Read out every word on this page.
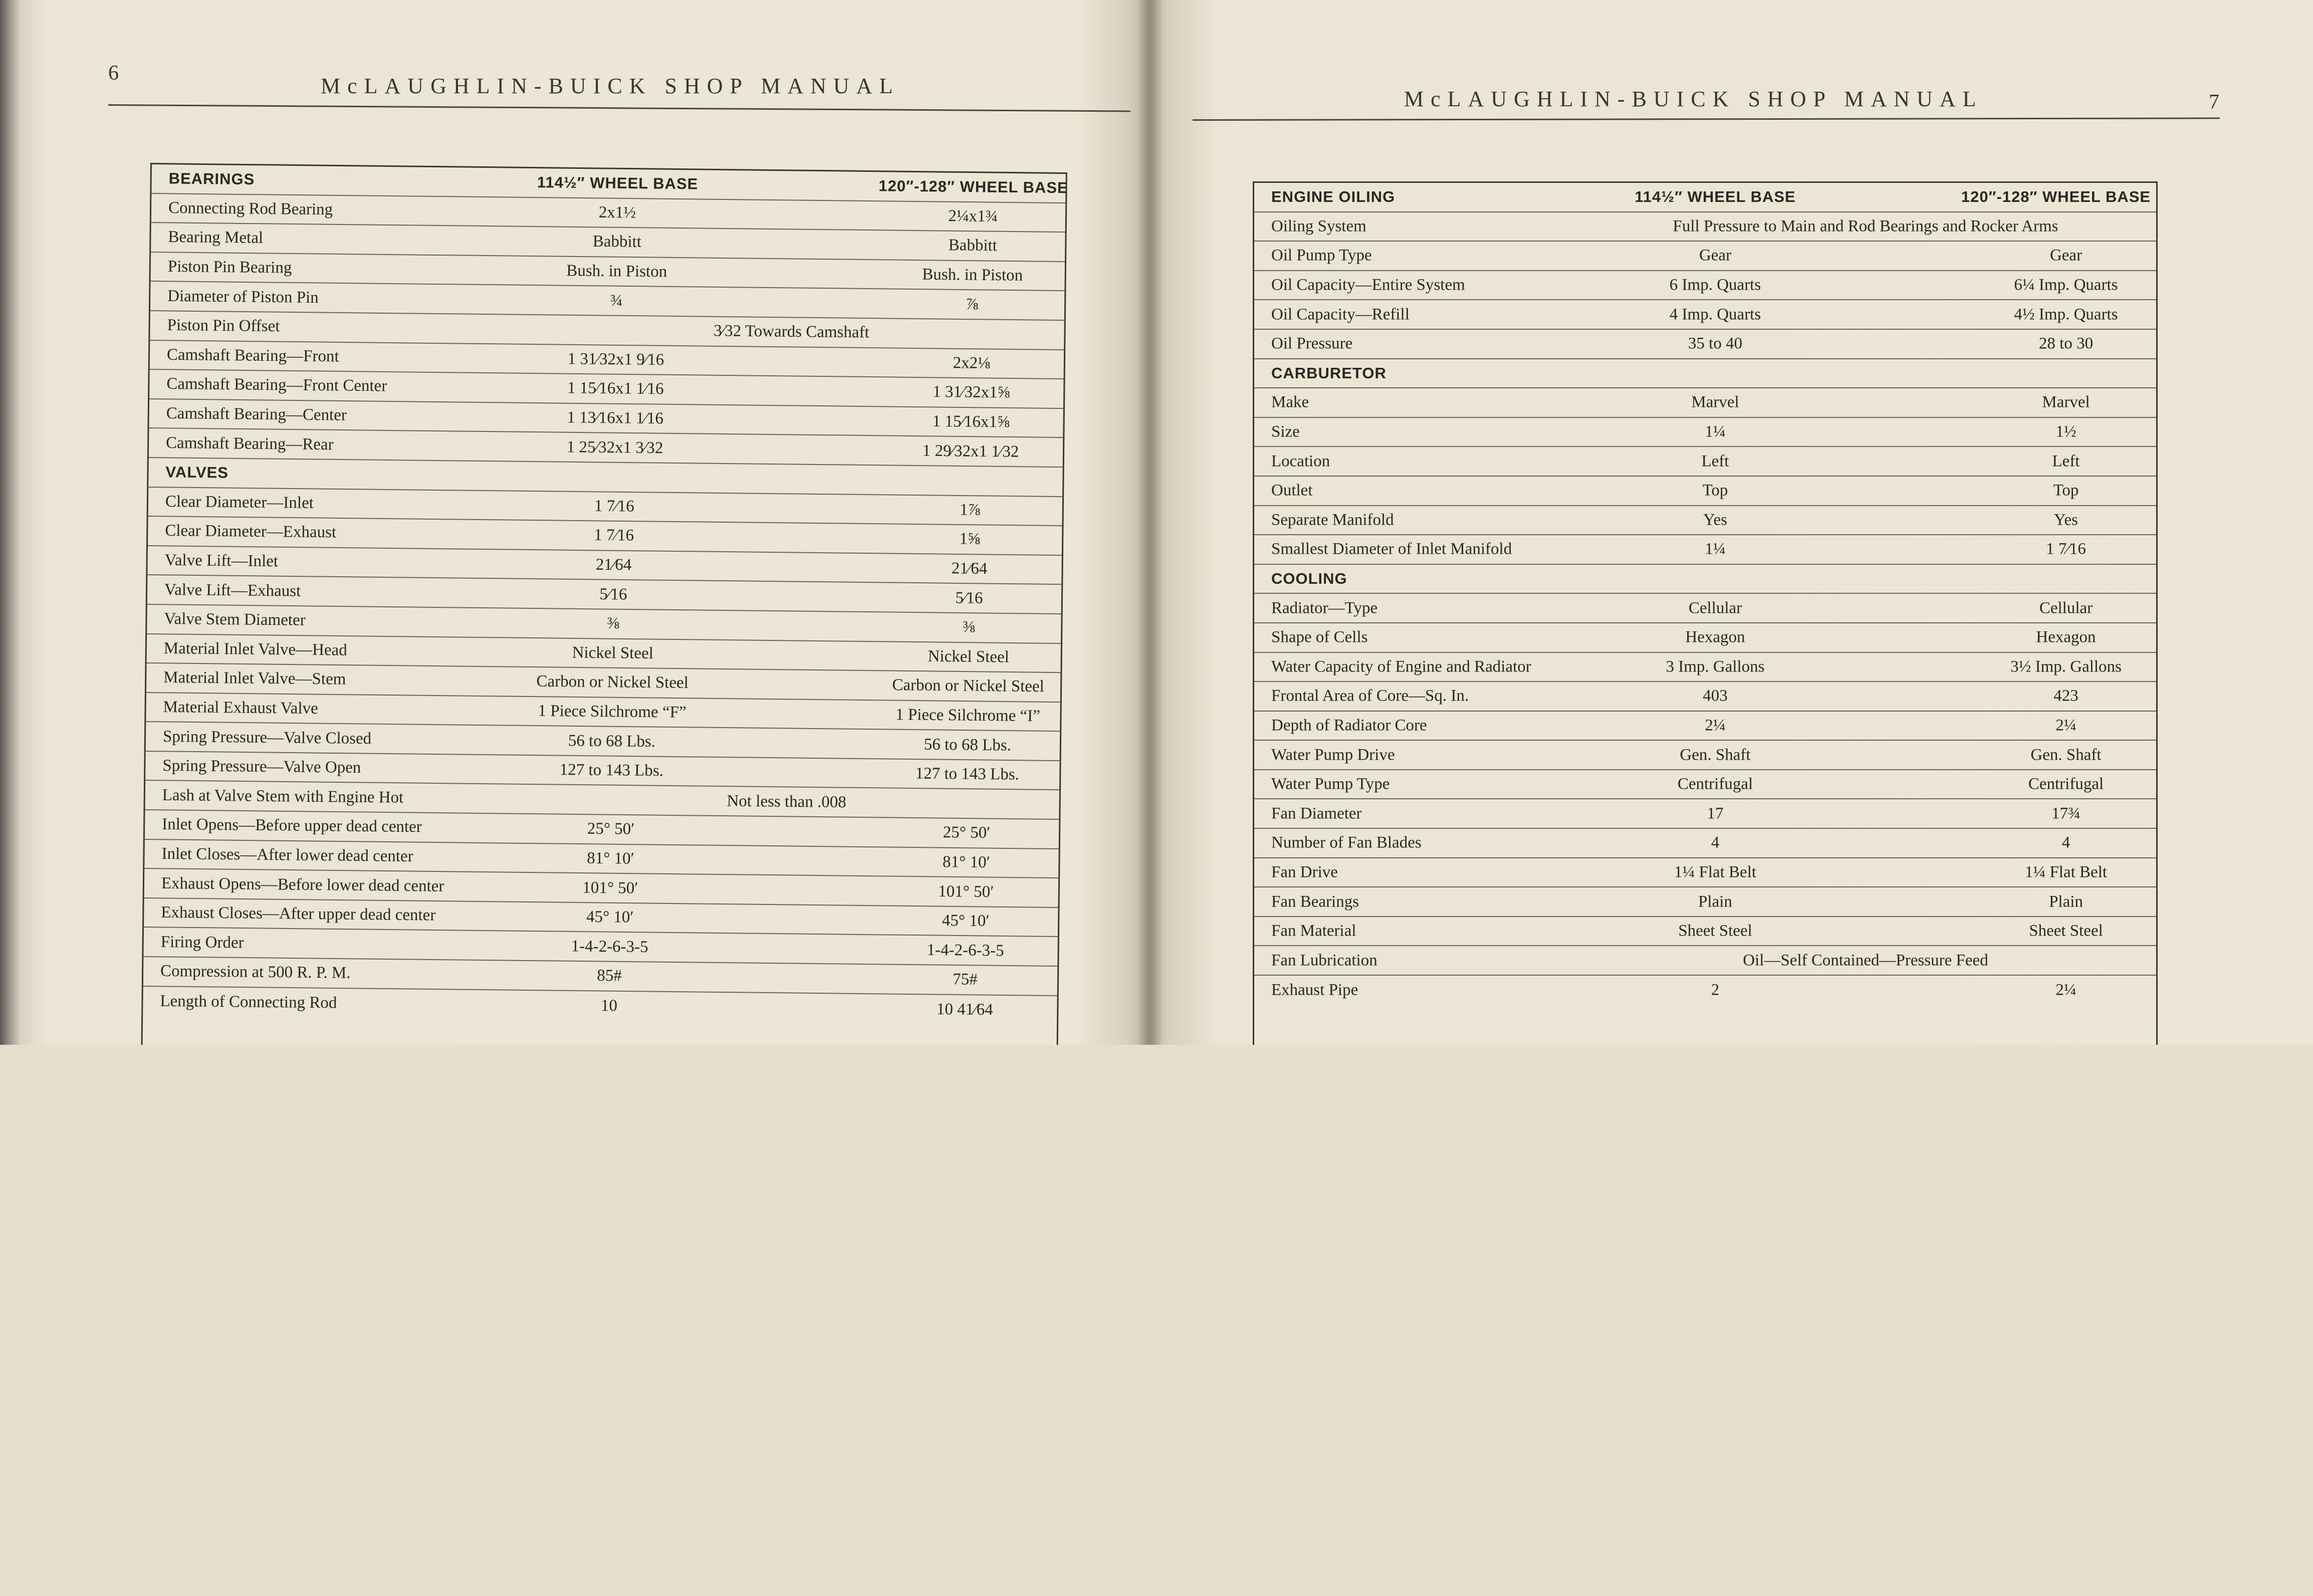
6
McLAUGHLIN-BUICK SHOP MANUAL
BEARINGS	114½″ WHEEL BASE	120″-128″ WHEEL BASE
Connecting Rod Bearing	2x1½	2¼x1¾
Bearing Metal	Babbitt	Babbitt
Piston Pin Bearing	Bush. in Piston	Bush. in Piston
Diameter of Piston Pin	¾	⅞
Piston Pin Offset	3⁄32 Towards Camshaft
Camshaft Bearing—Front	1 31⁄32x1 9⁄16	2x2⅛
Camshaft Bearing—Front Center	1 15⁄16x1 1⁄16	1 31⁄32x1⅝
Camshaft Bearing—Center	1 13⁄16x1 1⁄16	1 15⁄16x1⅝
Camshaft Bearing—Rear	1 25⁄32x1 3⁄32	1 29⁄32x1 1⁄32
VALVES
Clear Diameter—Inlet	1 7⁄16	1⅞
Clear Diameter—Exhaust	1 7⁄16	1⅝
Valve Lift—Inlet	21⁄64	21⁄64
Valve Lift—Exhaust	5⁄16	5⁄16
Valve Stem Diameter	⅜	⅜
Material Inlet Valve—Head	Nickel Steel	Nickel Steel
Material Inlet Valve—Stem	Carbon or Nickel Steel	Carbon or Nickel Steel
Material Exhaust Valve	1 Piece Silchrome “F”	1 Piece Silchrome “I”
Spring Pressure—Valve Closed	56 to 68 Lbs.	56 to 68 Lbs.
Spring Pressure—Valve Open	127 to 143 Lbs.	127 to 143 Lbs.
Lash at Valve Stem with Engine Hot	Not less than .008
Inlet Opens—Before upper dead center	25° 50′	25° 50′
Inlet Closes—After lower dead center	81° 10′	81° 10′
Exhaust Opens—Before lower dead center	101° 50′	101° 50′
Exhaust Closes—After upper dead center	45° 10′	45° 10′
Firing Order	1-4-2-6-3-5	1-4-2-6-3-5
Compression at 500 R. P. M.	85#	75#
Length of Connecting Rod	10	10 41⁄64
McLAUGHLIN-BUICK SHOP MANUAL	7
ENGINE OILING	114½″ WHEEL BASE	120″-128″ WHEEL BASE
Oiling System	Full Pressure to Main and Rod Bearings and Rocker Arms
Oil Pump Type	Gear	Gear
Oil Capacity—Entire System	6 Imp. Quarts	6¼ Imp. Quarts
Oil Capacity—Refill	4 Imp. Quarts	4½ Imp. Quarts
Oil Pressure	35 to 40	28 to 30
CARBURETOR
Make	Marvel	Marvel
Size	1¼	1½
Location	Left	Left
Outlet	Top	Top
Separate Manifold	Yes	Yes
Smallest Diameter of Inlet Manifold	1¼	1 7⁄16
COOLING
Radiator—Type	Cellular	Cellular
Shape of Cells	Hexagon	Hexagon
Water Capacity of Engine and Radiator	3 Imp. Gallons	3½ Imp. Gallons
Frontal Area of Core—Sq. In.	403	423
Depth of Radiator Core	2¼	2¼
Water Pump Drive	Gen. Shaft	Gen. Shaft
Water Pump Type	Centrifugal	Centrifugal
Fan Diameter	17	17¾
Number of Fan Blades	4	4
Fan Drive	1¼ Flat Belt	1¼ Flat Belt
Fan Bearings	Plain	Plain
Fan Material	Sheet Steel	Sheet Steel
Fan Lubrication	Oil—Self Contained—Pressure Feed
Exhaust Pipe	2	2¼
